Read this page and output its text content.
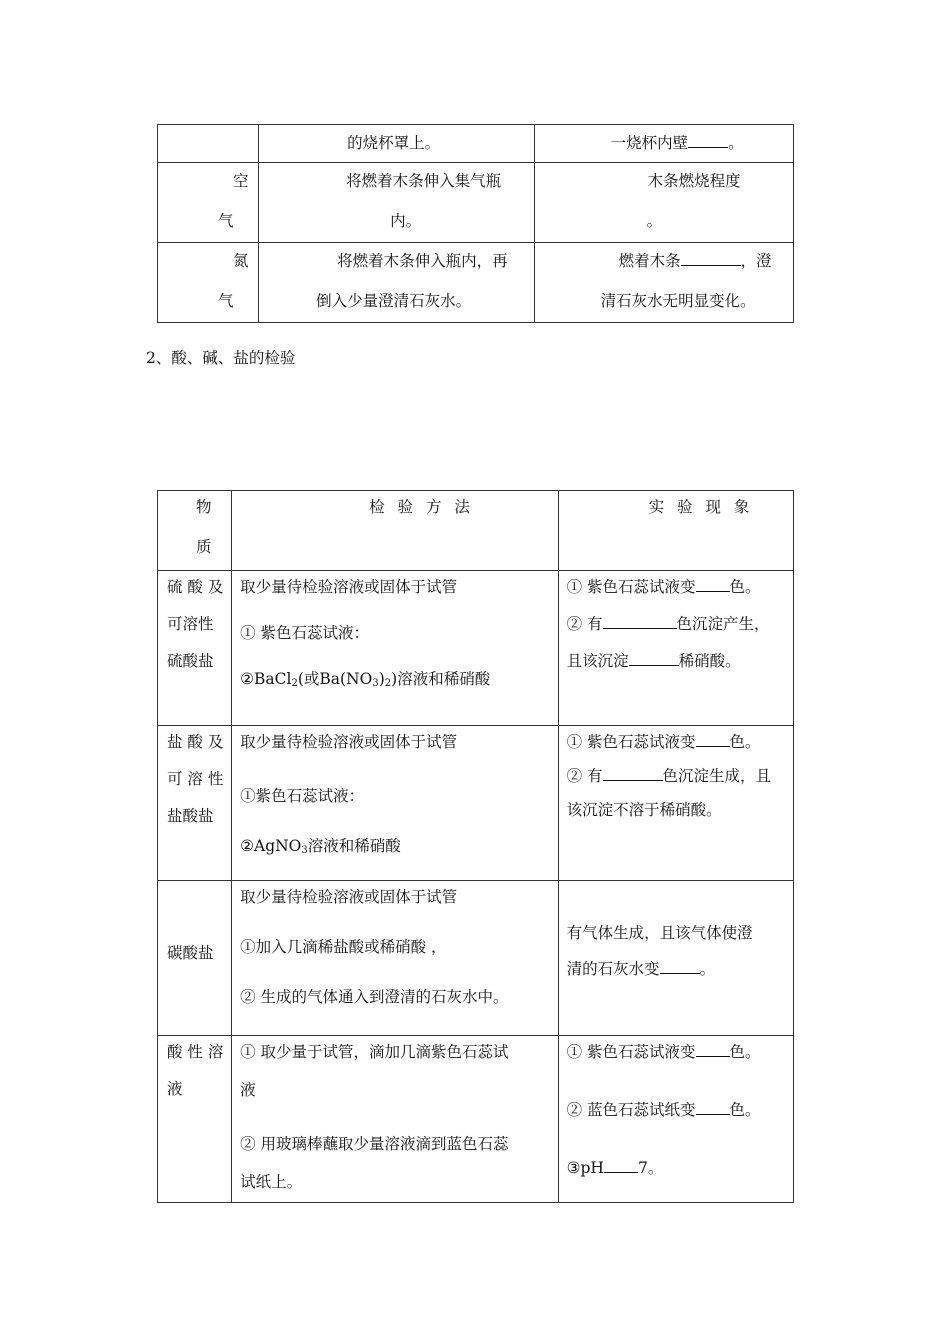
	的烧杯罩上。	一烧杯内壁 。

空
气	将燃着木条伸入集气瓶
内。	木条燃烧程度
。

氮
气	将燃着木条伸入瓶内，再
倒入少量澄清石灰水。	燃着木条 ，澄
清石灰水无明显变化。
2、酸、碱、盐的检验
物
质	检 验 方 法	实 验 现 象

硫 酸 及
可溶性
硫酸盐	取少量待检验溶液或固体于试管
① 紫色石蕊试液：
②BaCl$_2$(或$Ba(NO_3)_2$)溶液和稀硝酸	① 紫色石蕊试液变 色。
② 有 色沉淀产生，
且该沉淀 稀硝酸。

盐 酸 及
可 溶 性
盐酸盐	取少量待检验溶液或固体于试管
①紫色石蕊试液：
②AgNO$_3$溶液和稀硝酸	① 紫色石蕊试液变 色。
② 有 色沉淀生成，且
该沉淀不溶于稀硝酸。

碳酸盐	取少量待检验溶液或固体于试管
①加入几滴稀盐酸或稀硝酸 ，
② 生成的气体通入到澄清的石灰水中。	有气体生成，且该气体使澄
清的石灰水变 。

酸 性 溶
液	① 取少量于试管，滴加几滴紫色石蕊试
液
② 用玻璃棒蘸取少量溶液滴到蓝色石蕊
试纸上。	① 紫色石蕊试液变 色。
② 蓝色石蕊试纸变 色。
③pH 7。
